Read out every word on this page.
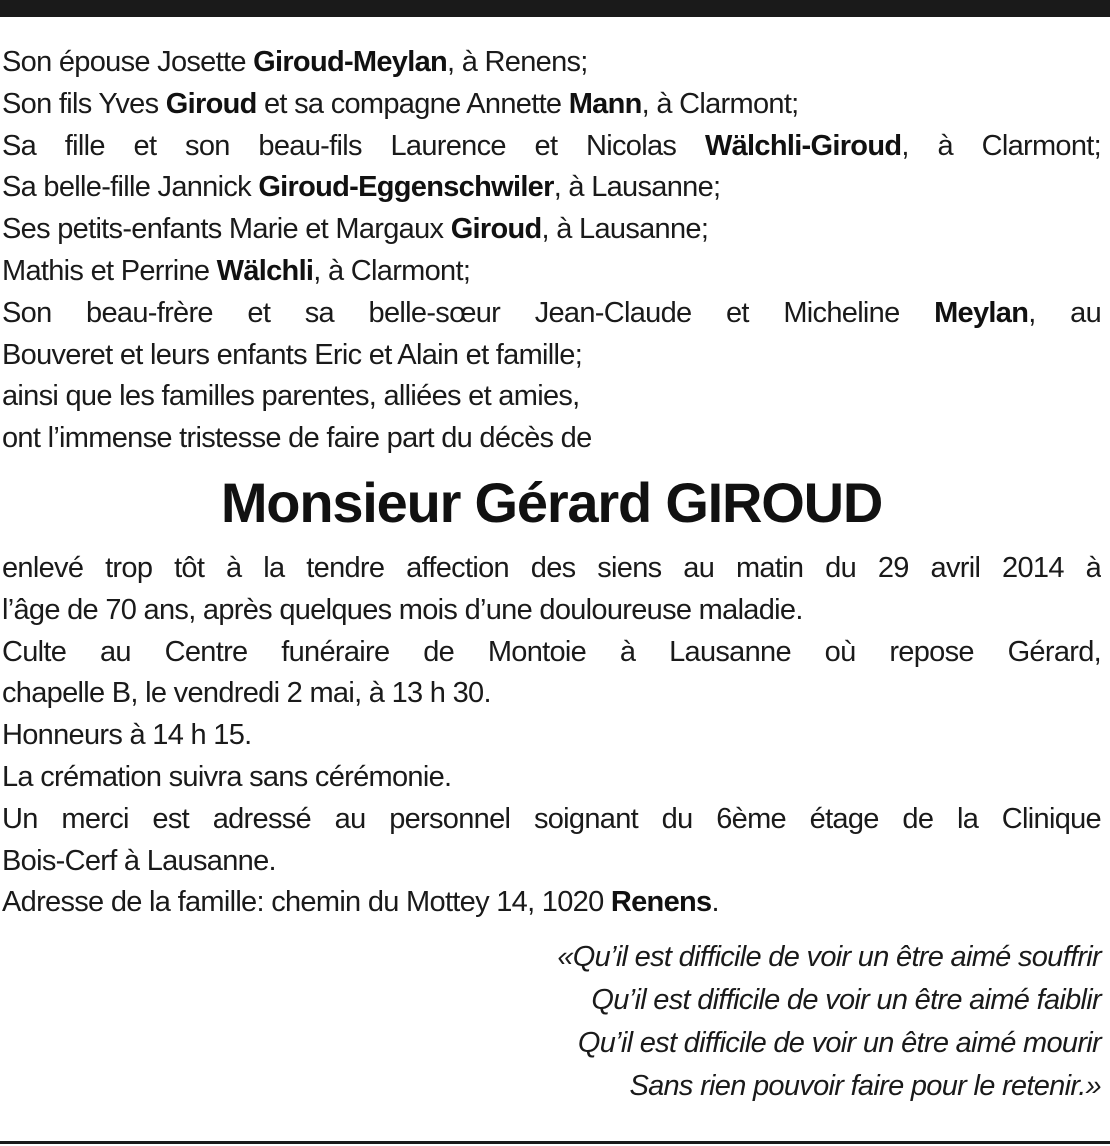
Son épouse Josette Giroud-Meylan, à Renens;
Son fils Yves Giroud et sa compagne Annette Mann, à Clarmont;
Sa fille et son beau-fils Laurence et Nicolas Wälchli-Giroud, à Clarmont;
Sa belle-fille Jannick Giroud-Eggenschwiler, à Lausanne;
Ses petits-enfants Marie et Margaux Giroud, à Lausanne;
Mathis et Perrine Wälchli, à Clarmont;
Son beau-frère et sa belle-sœur Jean-Claude et Micheline Meylan, au
Bouveret et leurs enfants Eric et Alain et famille;
ainsi que les familles parentes, alliées et amies,
ont l’immense tristesse de faire part du décès de
Monsieur Gérard GIROUD
enlevé trop tôt à la tendre affection des siens au matin du 29 avril 2014 à
l’âge de 70 ans, après quelques mois d’une douloureuse maladie.
Culte au Centre funéraire de Montoie à Lausanne où repose Gérard,
chapelle B, le vendredi 2 mai, à 13 h 30.
Honneurs à 14 h 15.
La crémation suivra sans cérémonie.
Un merci est adressé au personnel soignant du 6ème étage de la Clinique
Bois-Cerf à Lausanne.
Adresse de la famille: chemin du Mottey 14, 1020 Renens.
«Qu’il est difficile de voir un être aimé souffrir
Qu’il est difficile de voir un être aimé faiblir
Qu’il est difficile de voir un être aimé mourir
Sans rien pouvoir faire pour le retenir.»
